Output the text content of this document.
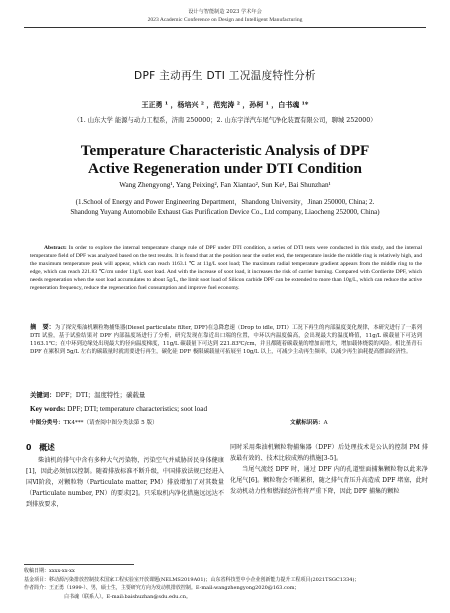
设计与智能制造 2023 学术年会
2023 Academic Conference on Design and Intelligent Manufacturing
DPF 主动再生 DTI 工况温度特性分析
王正勇 ¹ ，杨培兴 ² ，范宪涛 ² ，孙柯 ¹ ，白书魂 ¹*
（1. 山东大学 能源与动力工程系，济南 250000；2. 山东宇洋汽车尾气净化装置有限公司，聊城 252000）
Temperature Characteristic Analysis of DPF Active Regeneration under DTI Condition
Wang Zhengyong¹, Yang Peixing², Fan Xiantao², Sun Ke¹, Bai Shunzhan¹
(1.School of Energy and Power Engineering Department，Shandong University，Jinan 250000, China; 2. Shandong Yuyang Automobile Exhaust Gas Purification Device Co., Ltd company, Liaocheng 252000, China)
Abstract: In order to explore the internal temperature change rule of DPF under DTI condition, a series of DTI tests were conducted in this study, and the internal temperature field of DPF was analyzed based on the test results. It is found that at the position near the outlet end, the temperature inside the middle ring is relatively high, and the maximum temperature peak will appear, which can reach 1163.1 ℃ at 11g/L soot load; The maximum radial temperature gradient appears from the middle ring to the edge, which can reach 221.83 ℃/cm under 11g/L soot load. And with the increase of soot load, it increases the risk of carrier burning. Compared with Cordierite DPF, which needs regeneration when the soot load accumulates to about 5g/L, the limit soot load of Silicon carbide DPF can be extended to more than 10g/L, which can reduce the active regeneration frequency, reduce the regeneration fuel consumption and improve fuel economy.
摘　要：为了探究柴油机颗粒物捕集器(Diesel particulate filter, DPF)在急降怠速（Drop to idle, DTI）工况下再生的内部温度变化规律，本研究进行了一系列 DTI 试验，基于试验结果对 DPF 内部温度场进行了分析，研究发现在靠近出口端的位置，中环以内温度偏高，会出现最大的温度峰值，11g/L 碳载量下可达到 1163.1℃；在中环到边缘处出现最大的径向温度梯度，11g/L 碳载量下可达到 221.83℃/cm，并且都随着碳载量的增加而增大，增加载体烧裂的风险。相比堇青石 DPF 在累积到 5g/L 左右的碳载量时就需要进行再生，碳化硅 DPF 极限碳载量可拓展至 10g/L 以上，可减少主动再生频率，以减少再生油耗提高燃油经济性。
关键词：DPF；DTI；温度特性；碳载量
Key words: DPF; DTI; temperature characteristics; soot load
中图分类号：TK4***（请查阅中图分类法第 5 版）	文献标识码：A
0　概述
柴油机的排气中含有多种大气污染物，污染空气并威胁居民身体健康[1]，因此必须加以控制。随着排放标准不断升级，中国排放法规已经进入国Ⅵ阶段，对颗粒物（Particulate matter, PM）排放增加了对其数量（Particulate number, PN）的要求[2]。只采取机内净化措施远远达不到排放要求，
同时采用柴油机颗粒物捕集器（DPF）后处理技术是公认的控制 PM 排放最有效的、技术比较成熟的措施[3-5]。
当尾气流经 DPF 时，通过 DPF 内的孔道壁面捕集颗粒物以此来净化尾气[6]。颗粒物会不断累积，随之排气背压升高造成 DPF 堵塞，此时发动机动力性和燃油经济性将严重下降，因此 DPF 捕集的颗粒
收稿日期：xxxx-xx-xx
基金项目：移动源污染排放控制技术国家工程实验室开放课题(NELMS2019A01)；山东省科技型中小企业创新能力提升工程项目(2021TSGC1334)；
作者简介：王正勇（1999-）、男，硕士生，主要研究方向为发动机排放控制。E-mail:wangzhengyong2020@163.com；
白书魂（联系人）。E-mail:baishuzhan@sdu.edu.cn。
